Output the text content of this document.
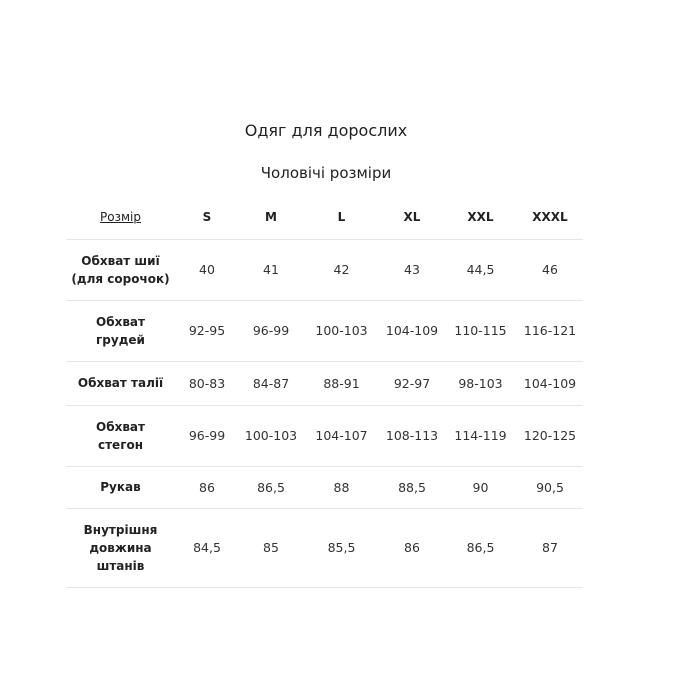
Одяг для дорослих
Чоловічі розміри
Розмір	S	M	L	XL	XXL	XXXL
Обхват шиї
(для сорочок)	40	41	42	43	44,5	46
Обхват
грудей	92-95	96-99	100-103	104-109	110-115	116-121
Обхват талії	80-83	84-87	88-91	92-97	98-103	104-109
Обхват
стегон	96-99	100-103	104-107	108-113	114-119	120-125
Рукав	86	86,5	88	88,5	90	90,5
Внутрішня
довжина
штанів	84,5	85	85,5	86	86,5	87
